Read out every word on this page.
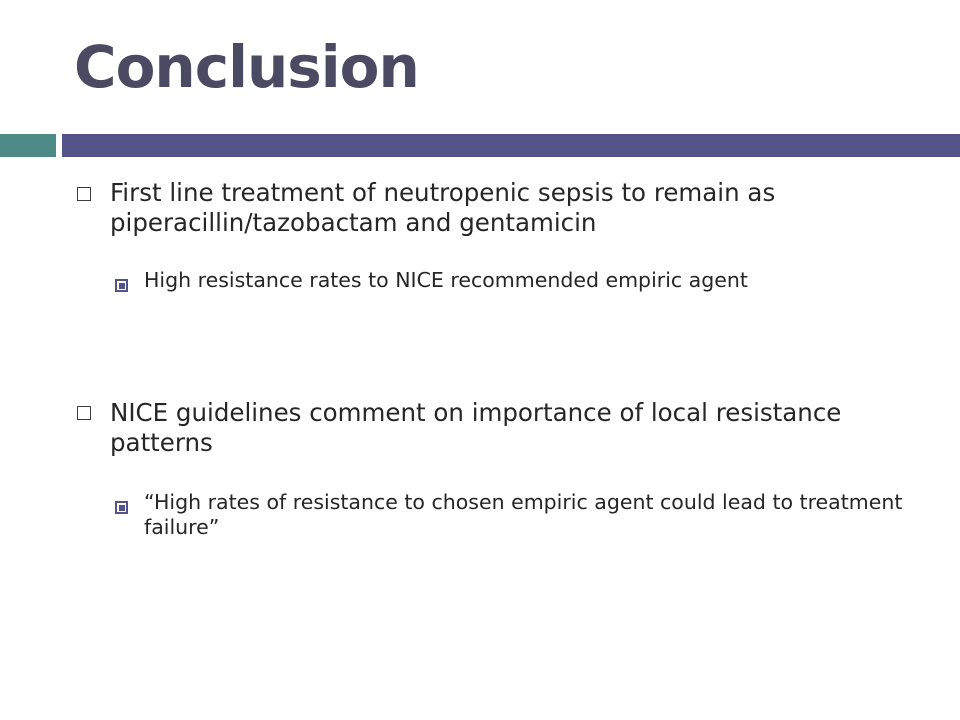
Conclusion
First line treatment of neutropenic sepsis to remain as piperacillin/tazobactam and gentamicin
High resistance rates to NICE recommended empiric agent
NICE guidelines comment on importance of local resistance patterns
“High rates of resistance to chosen empiric agent could lead to treatment failure”
